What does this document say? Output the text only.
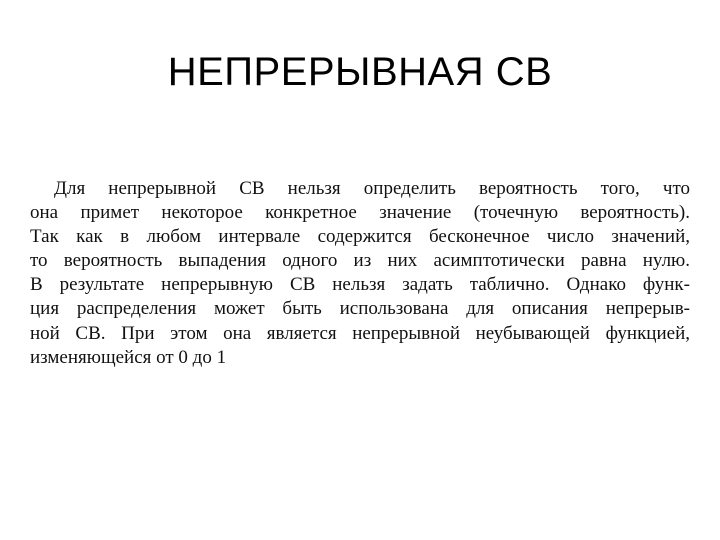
НЕПРЕРЫВНАЯ СВ
Для непрерывной СВ нельзя определить вероятность того, что
она примет некоторое конкретное значение (точечную вероятность).
Так как в любом интервале содержится бесконечное число значений,
то вероятность выпадения одного из них асимптотически равна нулю.
В результате непрерывную СВ нельзя задать таблично. Однако функ-
ция распределения может быть использована для описания непрерыв-
ной СВ. При этом она является непрерывной неубывающей функцией,
изменяющейся от 0 до 1
